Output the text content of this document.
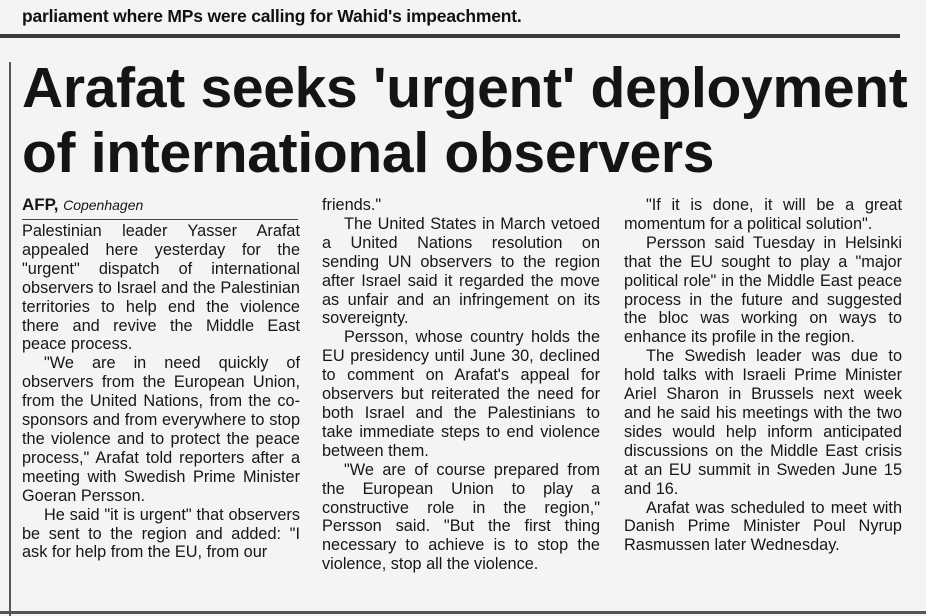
parliament where MPs were calling for Wahid's impeachment.

Arafat seeks 'urgent' deployment
of international observers
AFP, Copenhagen

Palestinian leader Yasser Arafat appealed here yesterday for the "urgent" dispatch of international observers to Israel and the Palestinian territories to help end the violence there and revive the Middle East peace process.

"We are in need quickly of observers from the European Union, from the United Nations, from the co-sponsors and from everywhere to stop the violence and to protect the peace process," Arafat told reporters after a meeting with Swedish Prime Minister Goeran Persson.

He said "it is urgent" that observers be sent to the region and added: "I ask for help from the EU, from our

friends."

The United States in March vetoed a United Nations resolution on sending UN observers to the region after Israel said it regarded the move as unfair and an infringement on its sovereignty.

Persson, whose country holds the EU presidency until June 30, declined to comment on Arafat's appeal for observers but reiterated the need for both Israel and the Palestinians to take immediate steps to end violence between them.

"We are of course prepared from the European Union to play a constructive role in the region," Persson said. "But the first thing necessary to achieve is to stop the violence, stop all the violence.

"If it is done, it will be a great momentum for a political solution".

Persson said Tuesday in Helsinki that the EU sought to play a "major political role" in the Middle East peace process in the future and suggested the bloc was working on ways to enhance its profile in the region.

The Swedish leader was due to hold talks with Israeli Prime Minister Ariel Sharon in Brussels next week and he said his meetings with the two sides would help inform anticipated discussions on the Middle East crisis at an EU summit in Sweden June 15 and 16.

Arafat was scheduled to meet with Danish Prime Minister Poul Nyrup Rasmussen later Wednesday.
